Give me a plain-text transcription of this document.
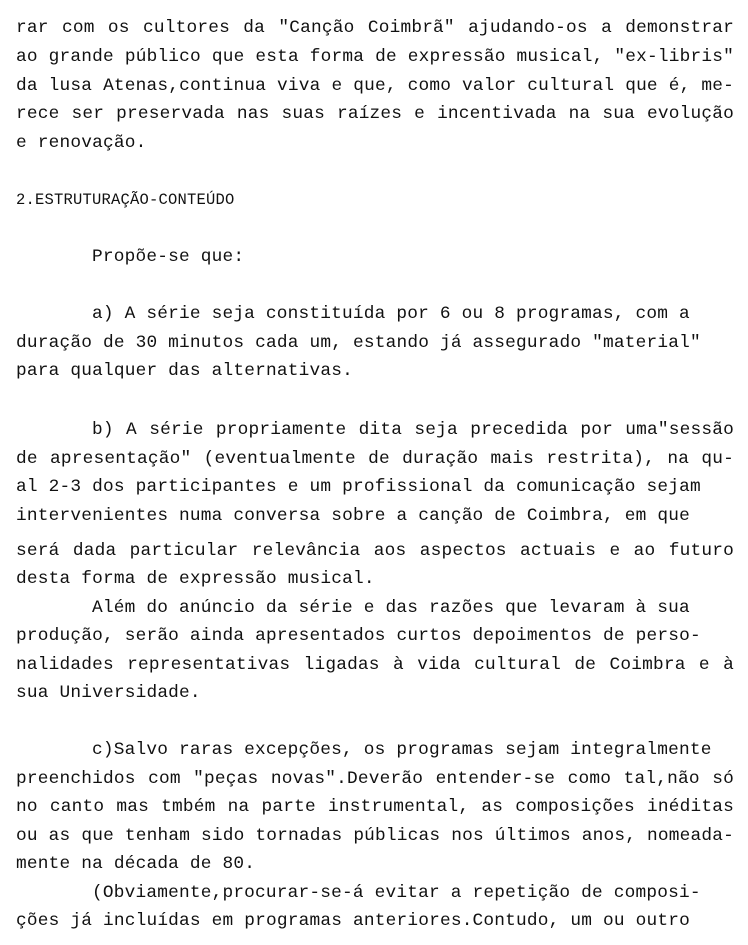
rar com os cultores da "Canção Coimbrã" ajudando-os a demonstrar
ao grande público que esta forma de expressão musical, "ex-libris"
da lusa Atenas,continua viva e que, como valor cultural que é, me-
rece ser preservada nas suas raízes e incentivada na sua evolução
e renovação.
2.ESTRUTURAÇÃO-CONTEÚDO
Propõe-se que:
a) A série seja constituída por 6 ou 8 programas, com a
duração de 30 minutos cada um, estando já assegurado "material"
para qualquer das alternativas.
b) A série propriamente dita seja precedida por uma"sessão
de apresentação" (eventualmente de duração mais restrita), na qu-
al 2-3 dos participantes e um profissional da comunicação sejam
intervenientes numa conversa sobre a canção de Coimbra, em que
será dada particular relevância aos aspectos actuais e ao futuro
desta forma de expressão musical.
Além do anúncio da série e das razões que levaram à sua
produção, serão ainda apresentados curtos depoimentos de perso-
nalidades representativas ligadas à vida cultural de Coimbra e à
sua Universidade.
c)Salvo raras excepções, os programas sejam integralmente
preenchidos com "peças novas".Deverão entender-se como tal,não só
no canto mas tmbém na parte instrumental, as composições inéditas
ou as que tenham sido tornadas públicas nos últimos anos, nomeada-
mente na década de 80.
(Obviamente,procurar-se-á evitar a repetição de composi-
ções já incluídas em programas anteriores.Contudo, um ou outro
